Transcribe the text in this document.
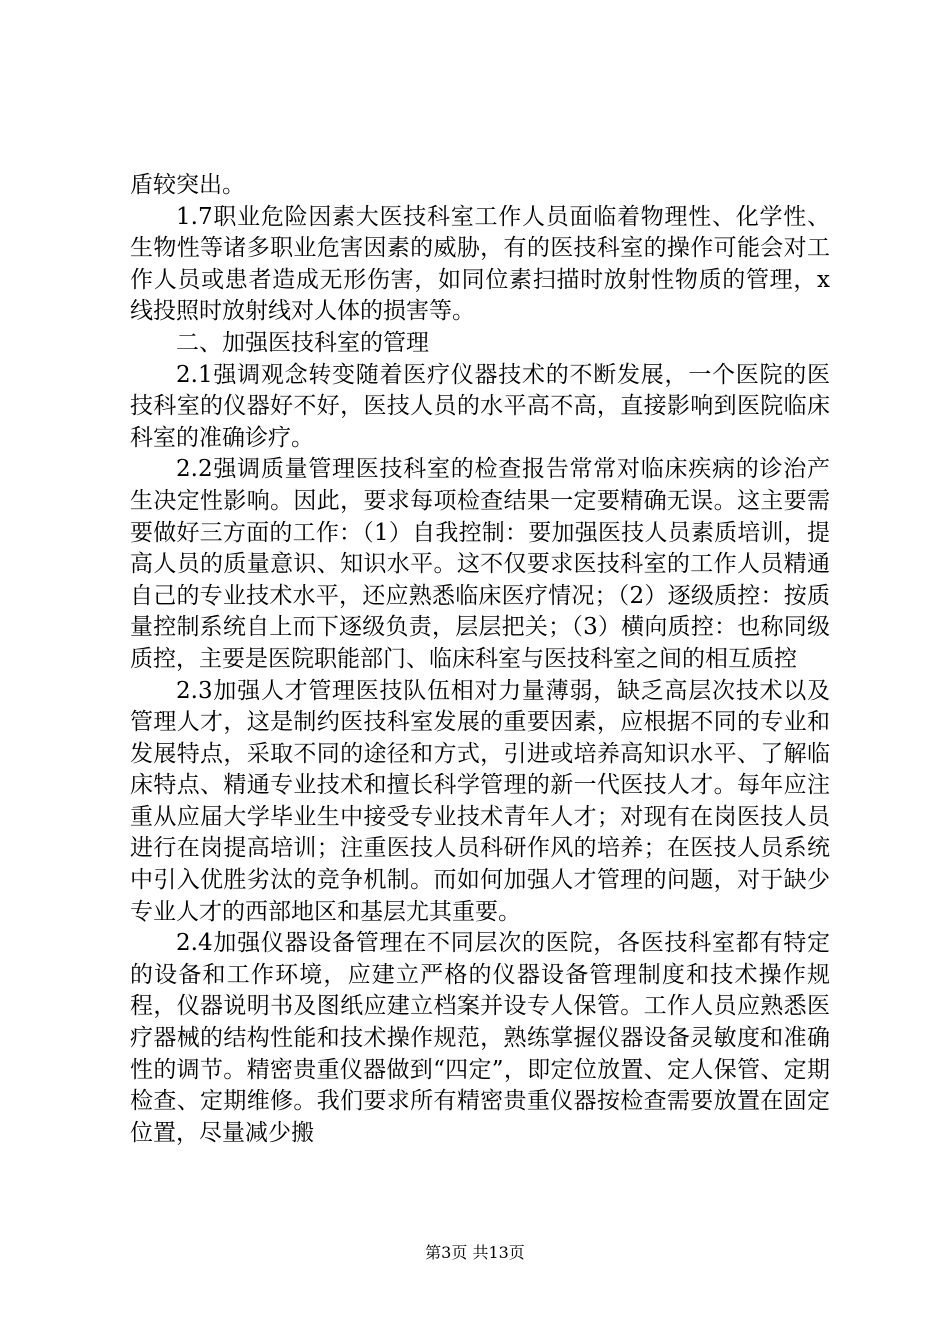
盾较突出。

1.7职业危险因素大医技科室工作人员面临着物理性、化学性、生物性等诸多职业危害因素的威胁，有的医技科室的操作可能会对工作人员或患者造成无形伤害，如同位素扫描时放射性物质的管理，x线投照时放射线对人体的损害等。

二、加强医技科室的管理

2.1强调观念转变随着医疗仪器技术的不断发展，一个医院的医技科室的仪器好不好，医技人员的水平高不高，直接影响到医院临床科室的准确诊疗。

2.2强调质量管理医技科室的检查报告常常对临床疾病的诊治产生决定性影响。因此，要求每项检查结果一定要精确无误。这主要需要做好三方面的工作：（1）自我控制：要加强医技人员素质培训，提高人员的质量意识、知识水平。这不仅要求医技科室的工作人员精通自己的专业技术水平，还应熟悉临床医疗情况；（2）逐级质控：按质量控制系统自上而下逐级负责，层层把关；（3）横向质控：也称同级质控，主要是医院职能部门、临床科室与医技科室之间的相互质控

2.3加强人才管理医技队伍相对力量薄弱，缺乏高层次技术以及管理人才，这是制约医技科室发展的重要因素，应根据不同的专业和发展特点，采取不同的途径和方式，引进或培养高知识水平、了解临床特点、精通专业技术和擅长科学管理的新一代医技人才。每年应注重从应届大学毕业生中接受专业技术青年人才；对现有在岗医技人员进行在岗提高培训；注重医技人员科研作风的培养；在医技人员系统中引入优胜劣汰的竞争机制。而如何加强人才管理的问题，对于缺少专业人才的西部地区和基层尤其重要。

2.4加强仪器设备管理在不同层次的医院，各医技科室都有特定的设备和工作环境，应建立严格的仪器设备管理制度和技术操作规程，仪器说明书及图纸应建立档案并设专人保管。工作人员应熟悉医疗器械的结构性能和技术操作规范，熟练掌握仪器设备灵敏度和准确性的调节。精密贵重仪器做到“四定”，即定位放置、定人保管、定期检查、定期维修。我们要求所有精密贵重仪器按检查需要放置在固定位置，尽量减少搬

第3页 共13页
